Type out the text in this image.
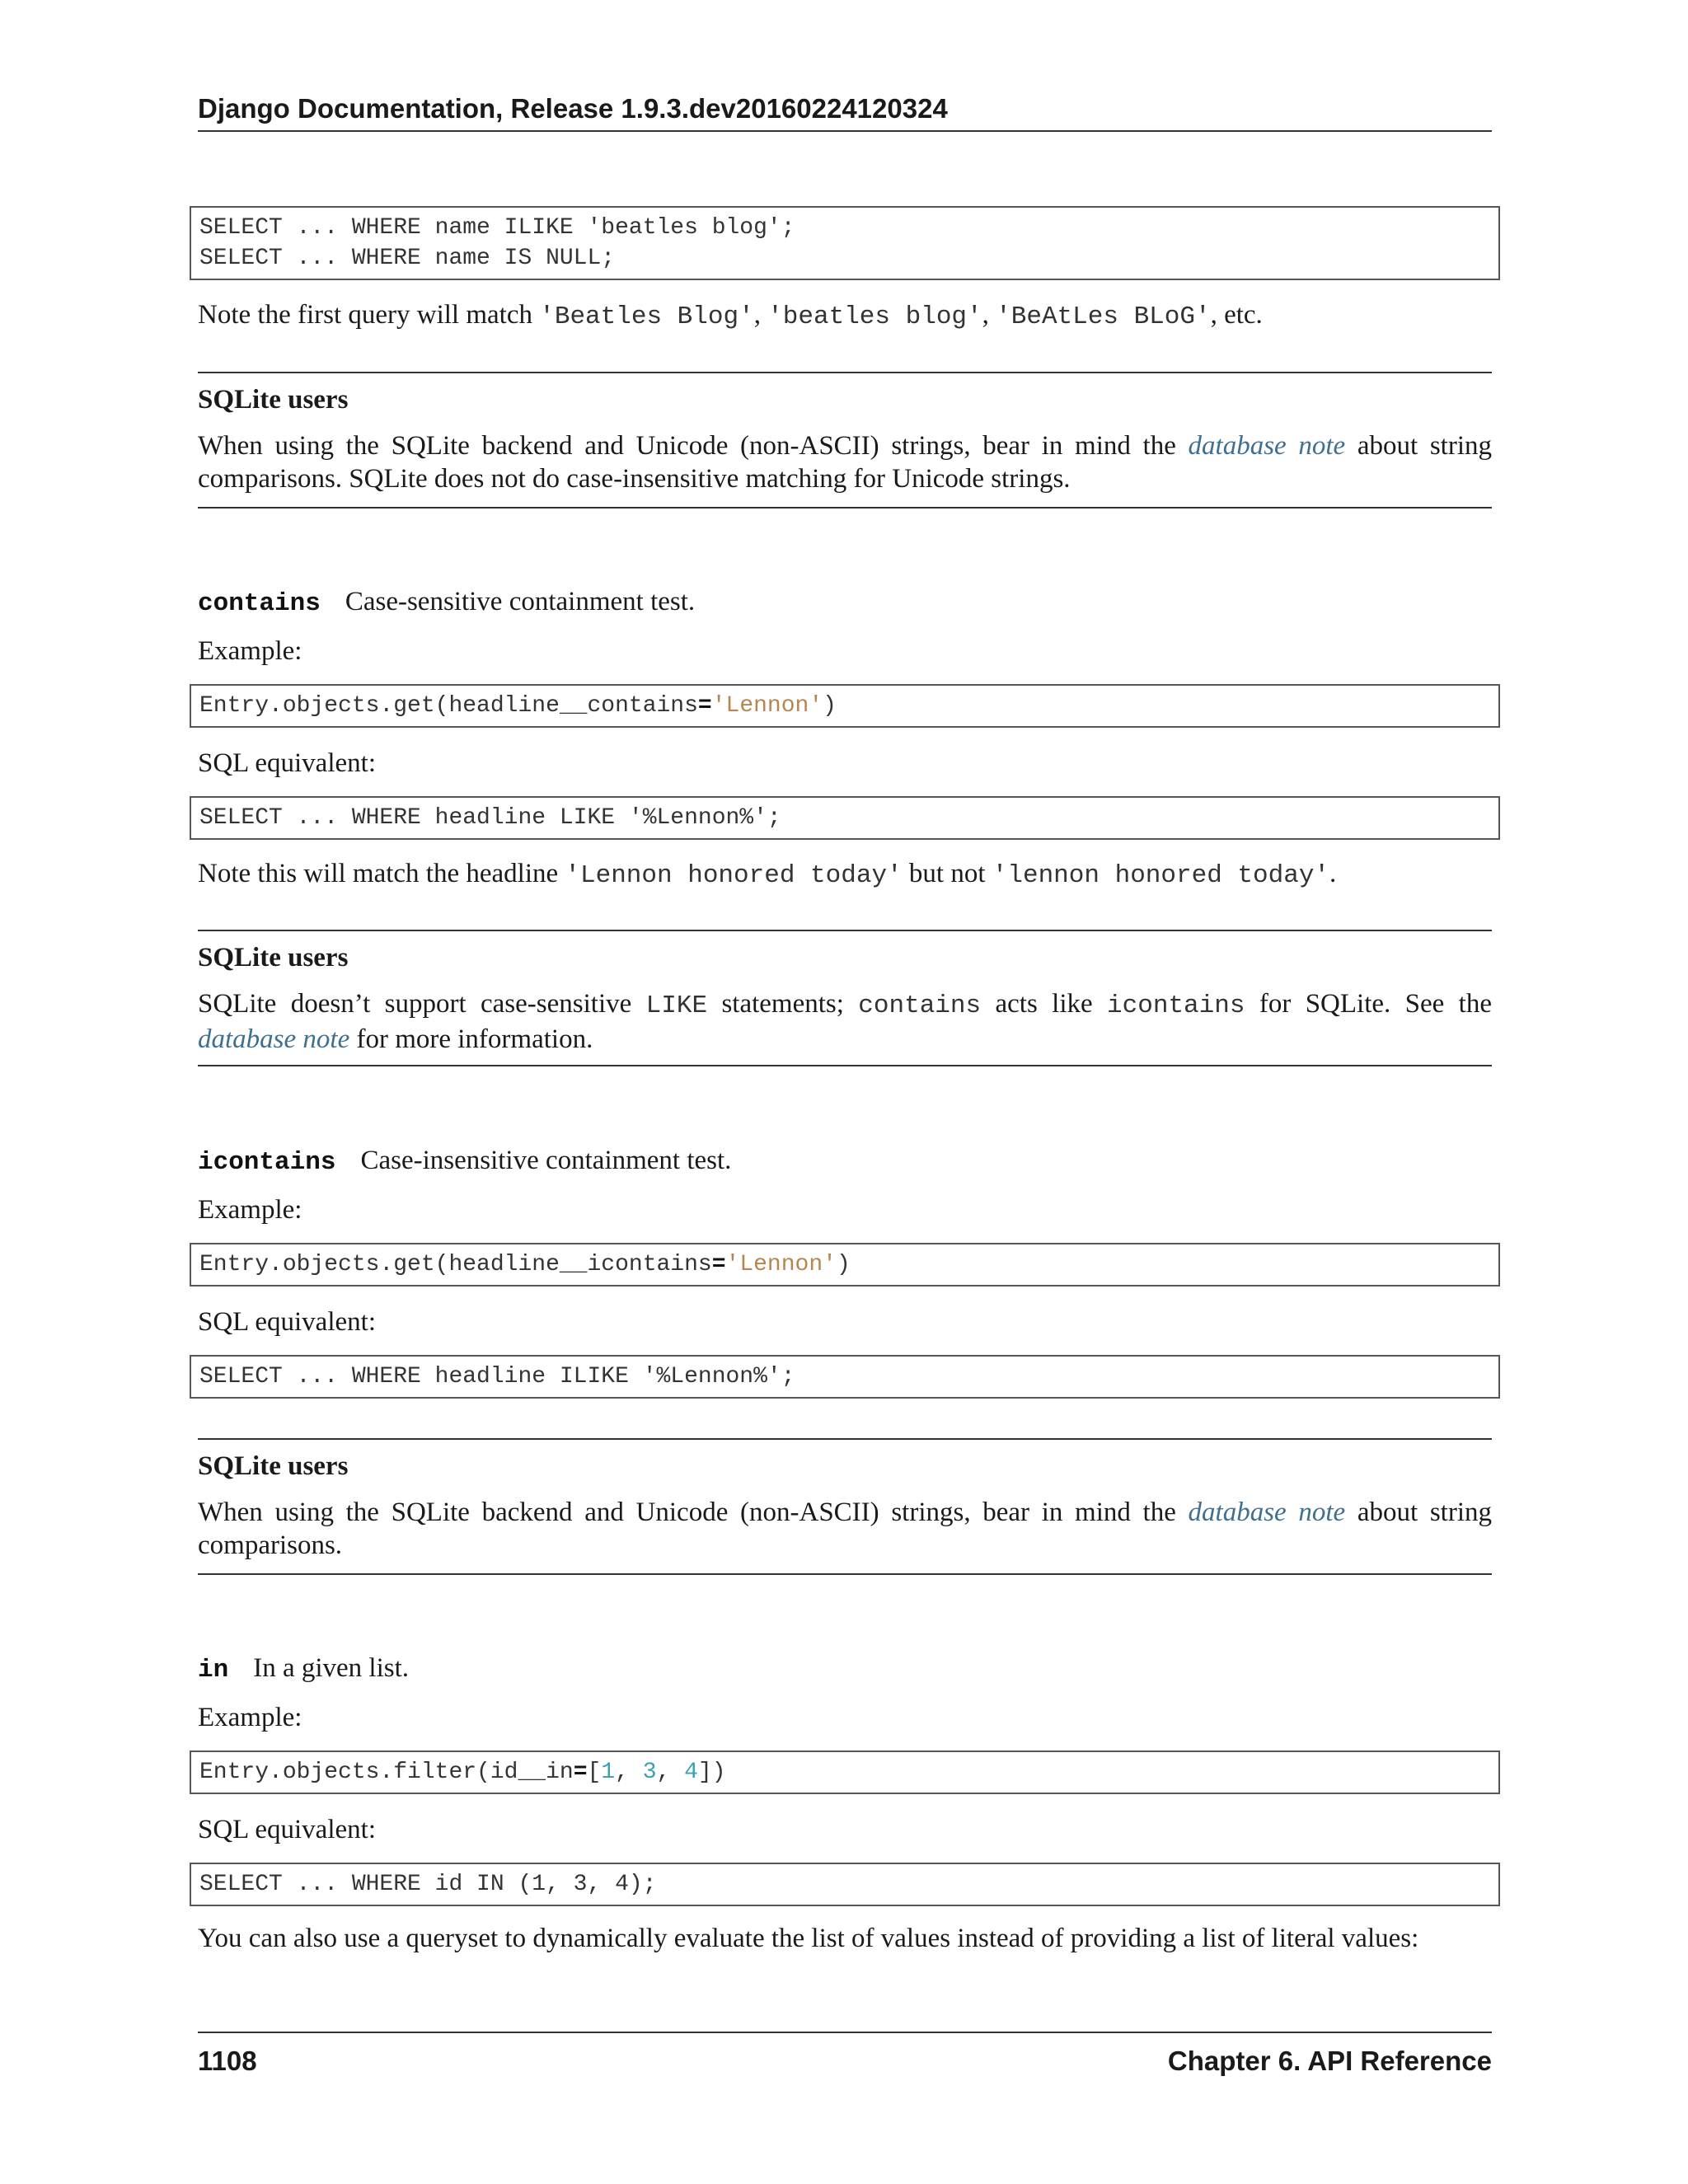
Django Documentation, Release 1.9.3.dev20160224120324
SELECT ... WHERE name ILIKE 'beatles blog';
SELECT ... WHERE name IS NULL;
Note the first query will match 'Beatles Blog', 'beatles blog', 'BeAtLes BLoG', etc.
SQLite users
When using the SQLite backend and Unicode (non-ASCII) strings, bear in mind the database note about string comparisons. SQLite does not do case-insensitive matching for Unicode strings.
contains Case-sensitive containment test.
Example:
Entry.objects.get(headline__contains='Lennon')
SQL equivalent:
SELECT ... WHERE headline LIKE '%Lennon%';
Note this will match the headline 'Lennon honored today' but not 'lennon honored today'.
SQLite users
SQLite doesn’t support case-sensitive LIKE statements; contains acts like icontains for SQLite. See the database note for more information.
icontains Case-insensitive containment test.
Example:
Entry.objects.get(headline__icontains='Lennon')
SQL equivalent:
SELECT ... WHERE headline ILIKE '%Lennon%';
SQLite users
When using the SQLite backend and Unicode (non-ASCII) strings, bear in mind the database note about string comparisons.
in In a given list.
Example:
Entry.objects.filter(id__in=[1, 3, 4])
SQL equivalent:
SELECT ... WHERE id IN (1, 3, 4);
You can also use a queryset to dynamically evaluate the list of values instead of providing a list of literal values:
1108	Chapter 6. API Reference
